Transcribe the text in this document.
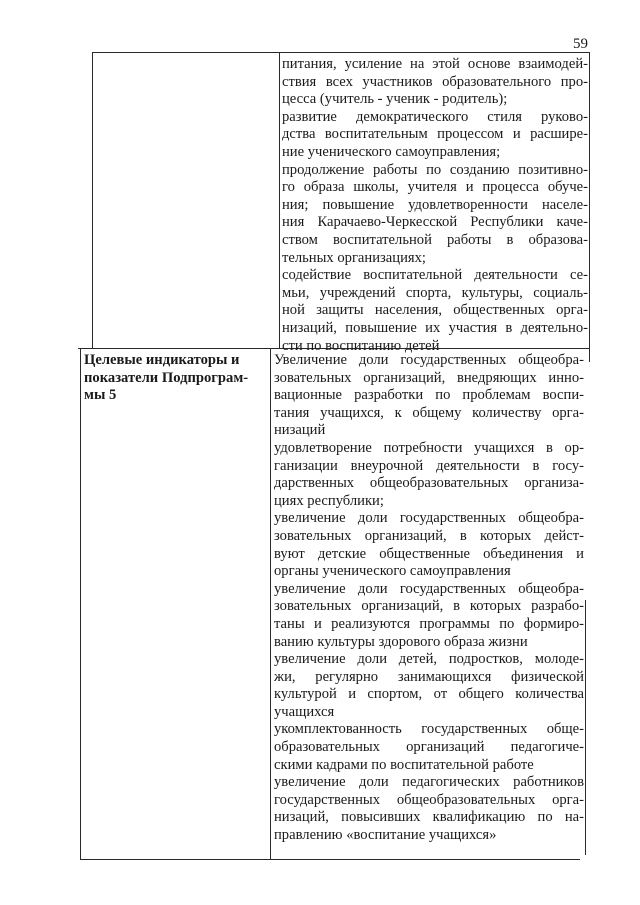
59
питания, усиление на этой основе взаимодей-
ствия всех участников образовательного про-
цесса (учитель - ученик - родитель);
развитие демократического стиля руково-
дства воспитательным процессом и расшире-
ние ученического самоуправления;
продолжение работы по созданию позитивно-
го образа школы, учителя и процесса обуче-
ния; повышение удовлетворенности населе-
ния Карачаево-Черкесской Республики каче-
ством воспитательной работы в образова-
тельных организациях;
содействие воспитательной деятельности се-
мьи, учреждений спорта, культуры, социаль-
ной защиты населения, общественных орга-
низаций, повышение их участия в деятельно-
сти по воспитанию детей
Целевые индикаторы и
показатели Подпрограм-
мы 5
Увеличение доли государственных общеобра-
зовательных организаций, внедряющих инно-
вационные разработки по проблемам воспи-
тания учащихся, к общему количеству орга-
низаций
удовлетворение потребности учащихся в ор-
ганизации внеурочной деятельности в госу-
дарственных общеобразовательных организа-
циях республики;
увеличение доли государственных общеобра-
зовательных организаций, в которых дейст-
вуют детские общественные объединения и
органы ученического самоуправления
увеличение доли государственных общеобра-
зовательных организаций, в которых разрабо-
таны и реализуются программы по формиро-
ванию культуры здорового образа жизни
увеличение доли детей, подростков, молоде-
жи, регулярно занимающихся физической
культурой и спортом, от общего количества
учащихся
укомплектованность государственных обще-
образовательных организаций педагогиче-
скими кадрами по воспитательной работе
увеличение доли педагогических работников
государственных общеобразовательных орга-
низаций, повысивших квалификацию по на-
правлению «воспитание учащихся»
